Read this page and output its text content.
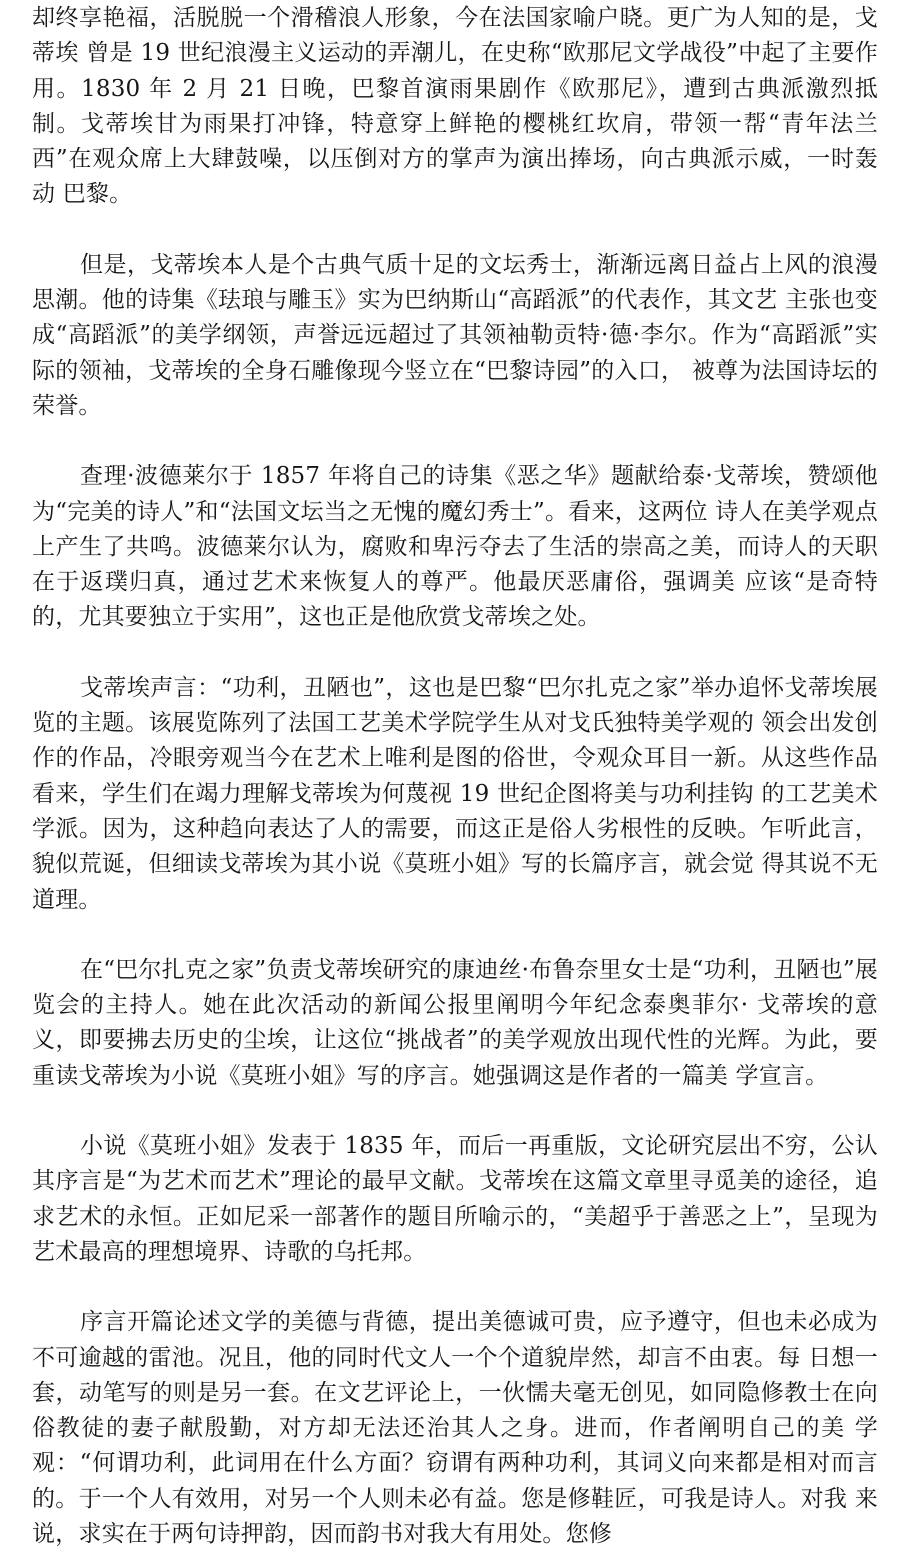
却终享艳福，活脱脱一个滑稽浪人形象，今在法国家喻户晓。更广为人知的是，戈蒂埃 曾是 19 世纪浪漫主义运动的弄潮儿，在史称“欧那尼文学战役”中起了主要作用。1830 年 2 月 21 日晚，巴黎首演雨果剧作《欧那尼》，遭到古典派激烈抵 制。戈蒂埃甘为雨果打冲锋，特意穿上鲜艳的樱桃红坎肩，带领一帮“青年法兰西”在观众席上大肆鼓噪，以压倒对方的掌声为演出捧场，向古典派示威，一时轰动 巴黎。

但是，戈蒂埃本人是个古典气质十足的文坛秀士，渐渐远离日益占上风的浪漫思潮。他的诗集《珐琅与雕玉》实为巴纳斯山“高蹈派”的代表作，其文艺 主张也变成“高蹈派”的美学纲领，声誉远远超过了其领袖勒贡特·德·李尔。作为“高蹈派”实际的领袖，戈蒂埃的全身石雕像现今竖立在“巴黎诗园”的入口， 被尊为法国诗坛的荣誉。

查理·波德莱尔于 1857 年将自己的诗集《恶之华》题献给泰·戈蒂埃，赞颂他为“完美的诗人”和“法国文坛当之无愧的魔幻秀士”。看来，这两位 诗人在美学观点上产生了共鸣。波德莱尔认为，腐败和卑污夺去了生活的崇高之美，而诗人的天职在于返璞归真，通过艺术来恢复人的尊严。他最厌恶庸俗，强调美 应该“是奇特的，尤其要独立于实用”，这也正是他欣赏戈蒂埃之处。

戈蒂埃声言：“功利，丑陋也”，这也是巴黎“巴尔扎克之家”举办追怀戈蒂埃展览的主题。该展览陈列了法国工艺美术学院学生从对戈氏独特美学观的 领会出发创作的作品，冷眼旁观当今在艺术上唯利是图的俗世，令观众耳目一新。从这些作品看来，学生们在竭力理解戈蒂埃为何蔑视 19 世纪企图将美与功利挂钩 的工艺美术学派。因为，这种趋向表达了人的需要，而这正是俗人劣根性的反映。乍听此言，貌似荒诞，但细读戈蒂埃为其小说《莫班小姐》写的长篇序言，就会觉 得其说不无道理。

在“巴尔扎克之家”负责戈蒂埃研究的康迪丝·布鲁奈里女士是“功利，丑陋也”展览会的主持人。她在此次活动的新闻公报里阐明今年纪念泰奥菲尔· 戈蒂埃的意义，即要拂去历史的尘埃，让这位“挑战者”的美学观放出现代性的光辉。为此，要重读戈蒂埃为小说《莫班小姐》写的序言。她强调这是作者的一篇美 学宣言。

小说《莫班小姐》发表于 1835 年，而后一再重版，文论研究层出不穷，公认其序言是“为艺术而艺术”理论的最早文献。戈蒂埃在这篇文章里寻觅美的途径，追求艺术的永恒。正如尼采一部著作的题目所喻示的，“美超乎于善恶之上”，呈现为艺术最高的理想境界、诗歌的乌托邦。

序言开篇论述文学的美德与背德，提出美德诚可贵，应予遵守，但也未必成为不可逾越的雷池。况且，他的同时代文人一个个道貌岸然，却言不由衷。每 日想一套，动笔写的则是另一套。在文艺评论上，一伙懦夫毫无创见，如同隐修教士在向俗教徒的妻子献殷勤，对方却无法还治其人之身。进而，作者阐明自己的美 学观：“何谓功利，此词用在什么方面？窃谓有两种功利，其词义向来都是相对而言的。于一个人有效用，对另一个人则未必有益。您是修鞋匠，可我是诗人。对我 来说，求实在于两句诗押韵，因而韵书对我大有用处。您修
